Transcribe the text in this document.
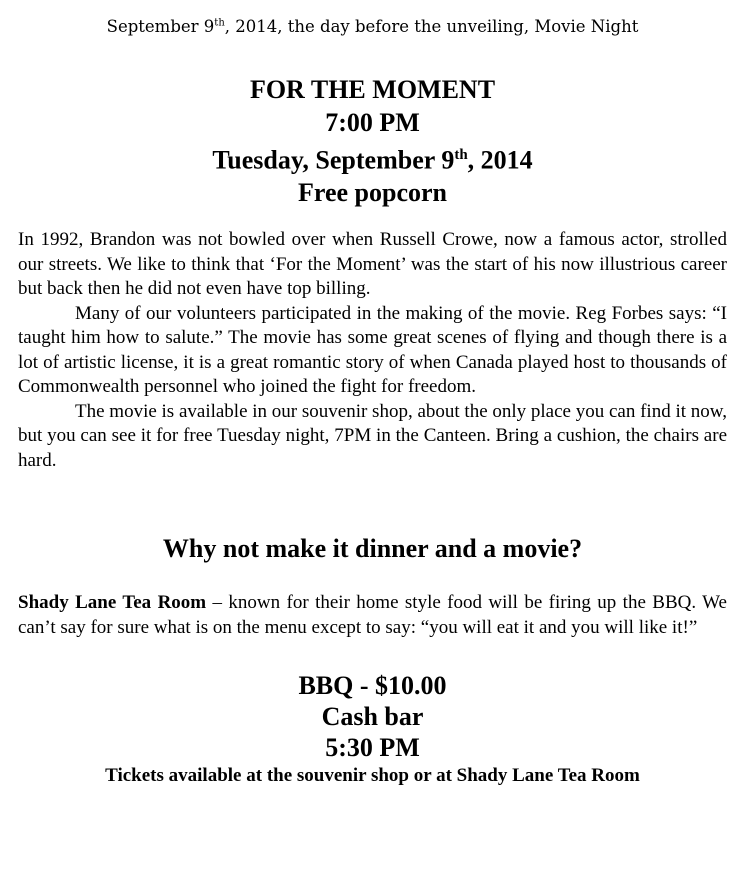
September 9th, 2014, the day before the unveiling, Movie Night
FOR THE MOMENT
7:00 PM
Tuesday, September 9th, 2014
Free popcorn

In 1992, Brandon was not bowled over when Russell Crowe, now a famous actor, strolled our streets. We like to think that ‘For the Moment’ was the start of his now illustrious career but back then he did not even have top billing.

Many of our volunteers participated in the making of the movie. Reg Forbes says: “I taught him how to salute.” The movie has some great scenes of flying and though there is a lot of artistic license, it is a great romantic story of when Canada played host to thousands of Commonwealth personnel who joined the fight for freedom.

The movie is available in our souvenir shop, about the only place you can find it now, but you can see it for free Tuesday night, 7PM in the Canteen. Bring a cushion, the chairs are hard.

Why not make it dinner and a movie?

Shady Lane Tea Room – known for their home style food will be firing up the BBQ. We can’t say for sure what is on the menu except to say: “you will eat it and you will like it!”

BBQ - $10.00
Cash bar
5:30 PM
Tickets available at the souvenir shop or at Shady Lane Tea Room
